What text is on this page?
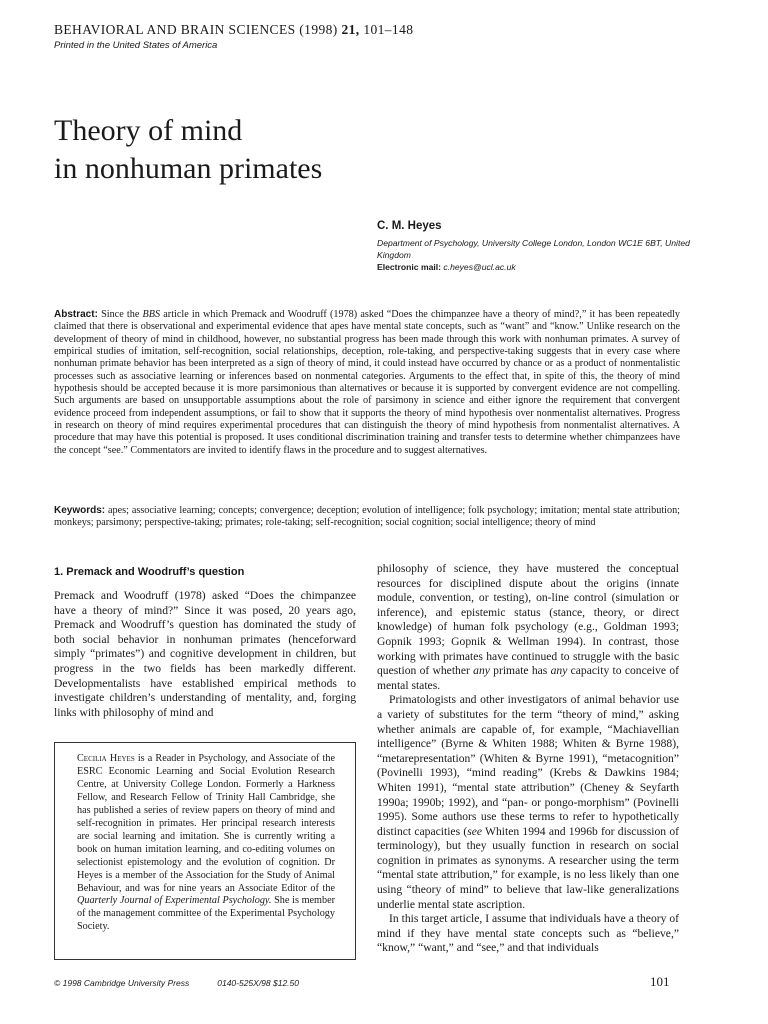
BEHAVIORAL AND BRAIN SCIENCES (1998) 21, 101–148
Printed in the United States of America
Theory of mind
in nonhuman primates
C. M. Heyes
Department of Psychology, University College London, London WC1E 6BT, United Kingdom
Electronic mail: c.heyes@ucl.ac.uk
Abstract: Since the BBS article in which Premack and Woodruff (1978) asked “Does the chimpanzee have a theory of mind?,” it has been repeatedly claimed that there is observational and experimental evidence that apes have mental state concepts, such as “want” and “know.” Unlike research on the development of theory of mind in childhood, however, no substantial progress has been made through this work with nonhuman primates. A survey of empirical studies of imitation, self-recognition, social relationships, deception, role-taking, and perspective-taking suggests that in every case where nonhuman primate behavior has been interpreted as a sign of theory of mind, it could instead have occurred by chance or as a product of nonmentalistic processes such as associative learning or inferences based on nonmental categories. Arguments to the effect that, in spite of this, the theory of mind hypothesis should be accepted because it is more parsimonious than alternatives or because it is supported by convergent evidence are not compelling. Such arguments are based on unsupportable assumptions about the role of parsimony in science and either ignore the requirement that convergent evidence proceed from independent assumptions, or fail to show that it supports the theory of mind hypothesis over nonmentalist alternatives. Progress in research on theory of mind requires experimental procedures that can distinguish the theory of mind hypothesis from nonmentalist alternatives. A procedure that may have this potential is proposed. It uses conditional discrimination training and transfer tests to determine whether chimpanzees have the concept “see.” Commentators are invited to identify flaws in the procedure and to suggest alternatives.
Keywords: apes; associative learning; concepts; convergence; deception; evolution of intelligence; folk psychology; imitation; mental state attribution; monkeys; parsimony; perspective-taking; primates; role-taking; self-recognition; social cognition; social intelligence; theory of mind
1. Premack and Woodruff’s question
Premack and Woodruff (1978) asked “Does the chimpanzee have a theory of mind?” Since it was posed, 20 years ago, Premack and Woodruff’s question has dominated the study of both social behavior in nonhuman primates (henceforward simply “primates”) and cognitive development in children, but progress in the two fields has been markedly different. Developmentalists have established empirical methods to investigate children’s understanding of mentality, and, forging links with philosophy of mind and
Cecilia Heyes is a Reader in Psychology, and Associate of the ESRC Economic Learning and Social Evolution Research Centre, at University College London. Formerly a Harkness Fellow, and Research Fellow of Trinity Hall Cambridge, she has published a series of review papers on theory of mind and self-recognition in primates. Her principal research interests are social learning and imitation. She is currently writing a book on human imitation learning, and co-editing volumes on selectionist epistemology and the evolution of cognition. Dr Heyes is a member of the Association for the Study of Animal Behaviour, and was for nine years an Associate Editor of the Quarterly Journal of Experimental Psychology. She is member of the management committee of the Experimental Psychology Society.

philosophy of science, they have mustered the conceptual resources for disciplined dispute about the origins (innate module, convention, or testing), on-line control (simulation or inference), and epistemic status (stance, theory, or direct knowledge) of human folk psychology (e.g., Goldman 1993; Gopnik 1993; Gopnik & Wellman 1994). In contrast, those working with primates have continued to struggle with the basic question of whether any primate has any capacity to conceive of mental states.

Primatologists and other investigators of animal behavior use a variety of substitutes for the term “theory of mind,” asking whether animals are capable of, for example, “Machiavellian intelligence” (Byrne & Whiten 1988; Whiten & Byrne 1988), “metarepresentation” (Whiten & Byrne 1991), “metacognition” (Povinelli 1993), “mind reading” (Krebs & Dawkins 1984; Whiten 1991), “mental state attribution” (Cheney & Seyfarth 1990a; 1990b; 1992), and “pan- or pongo-morphism” (Povinelli 1995). Some authors use these terms to refer to hypothetically distinct capacities (see Whiten 1994 and 1996b for discussion of terminology), but they usually function in research on social cognition in primates as synonyms. A researcher using the term “mental state attribution,” for example, is no less likely than one using “theory of mind” to believe that law-like generalizations underlie mental state ascription.

In this target article, I assume that individuals have a theory of mind if they have mental state concepts such as “believe,” “know,” “want,” and “see,” and that individuals

© 1998 Cambridge University Press	0140-525X/98 $12.50	101
